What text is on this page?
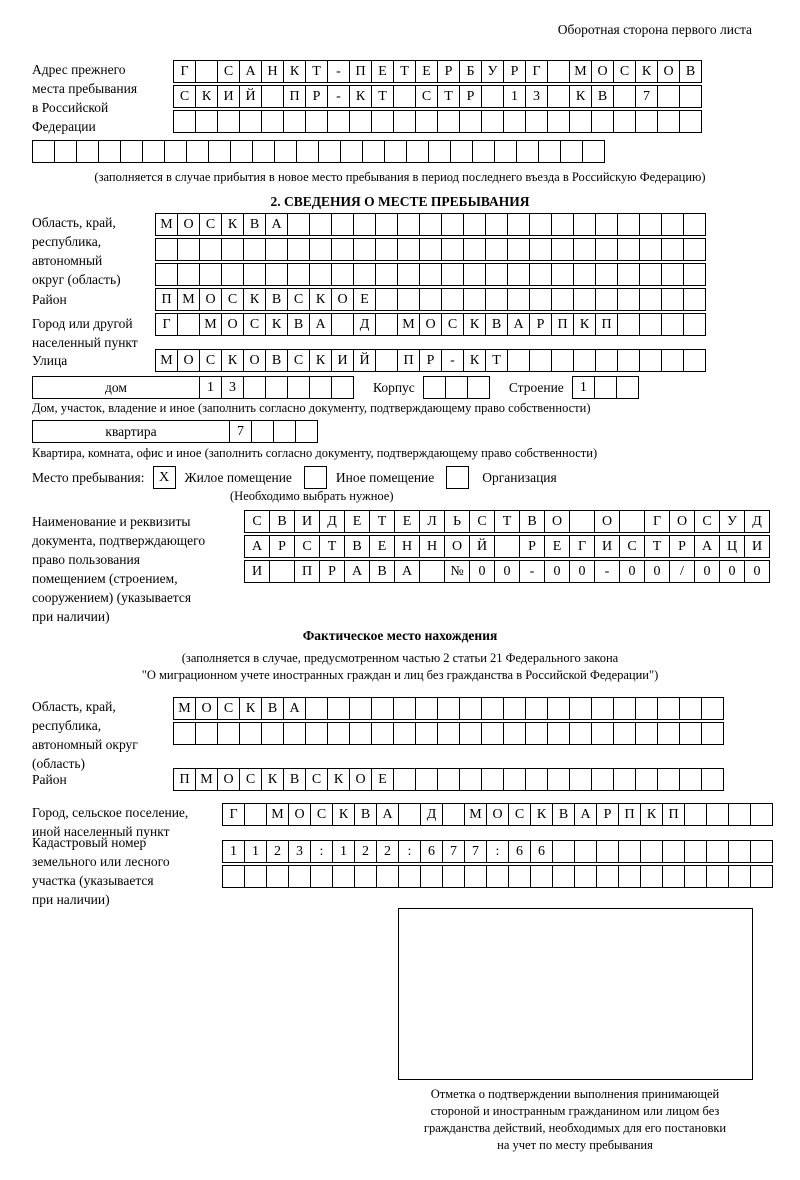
Оборотная сторона первого листа
Адрес прежнего
места пребывания
в Российской
Федерации
Г	С А Н К Т	-	П Е Т Е Р	Б У Р	Г	М О С К О В
С К И Й	П Р	-	К Т	С Т Р	1	3	К В	7
(заполняется в случае прибытия в новое место пребывания в период последнего въезда в Российскую Федерацию)
2. СВЕДЕНИЯ О МЕСТЕ ПРЕБЫВАНИЯ
Область, край,
республика,
автономный
округ (область)
М О С К В А
Район	П М О С К В С К О Е
Город или другой
населенный пункт
Г	М О С К В А	Д	М О С К В А Р П К П
Улица	М О С К О В С К И Й	П Р	-	К Т
дом	1	3	Корпус	Строение	1
Дом, участок, владение и иное (заполнить согласно документу, подтверждающему право собственности)
квартира	7
Квартира, комната, офис и иное (заполнить согласно документу, подтверждающему право собственности)
Место пребывания:	X	Жилое помещение	Иное помещение	Организация
(Необходимо выбрать нужное)
Наименование и реквизиты
документа, подтверждающего
право пользования
помещением (строением,
сооружением) (указывается
при наличии)
С	В	И	Д	Е	Т	Е	Л	Ь	С	Т	В	О	О	Г	О	С	У	Д
А	Р	С	Т	В	Е	Н	Н	О	Й	Р	Е	Г	И	С	Т	Р	А	Ц	И
И	П	Р	А	В	А	№	0	0	-	0	0	-	0	0	/	0	0	0
Фактическое место нахождения
(заполняется в случае, предусмотренном частью 2 статьи 21 Федерального закона
"О миграционном учете иностранных граждан и лиц без гражданства в Российской Федерации")
Область, край,
республика,
автономный округ
(область)
М О С К В А
Район	П М О С К В С К О Е
Город, сельское поселение,
иной населенный пункт
Г	М О С К В А	Д	М О С К В А Р П К П
Кадастровый номер
земельного или лесного
участка (указывается
при наличии)
1	1	2	3	:	1	2	2	:	6	7	7	:	6	6
Отметка о подтверждении выполнения принимающей
стороной и иностранным гражданином или лицом без
гражданства действий, необходимых для его постановки
на учет по месту пребывания
